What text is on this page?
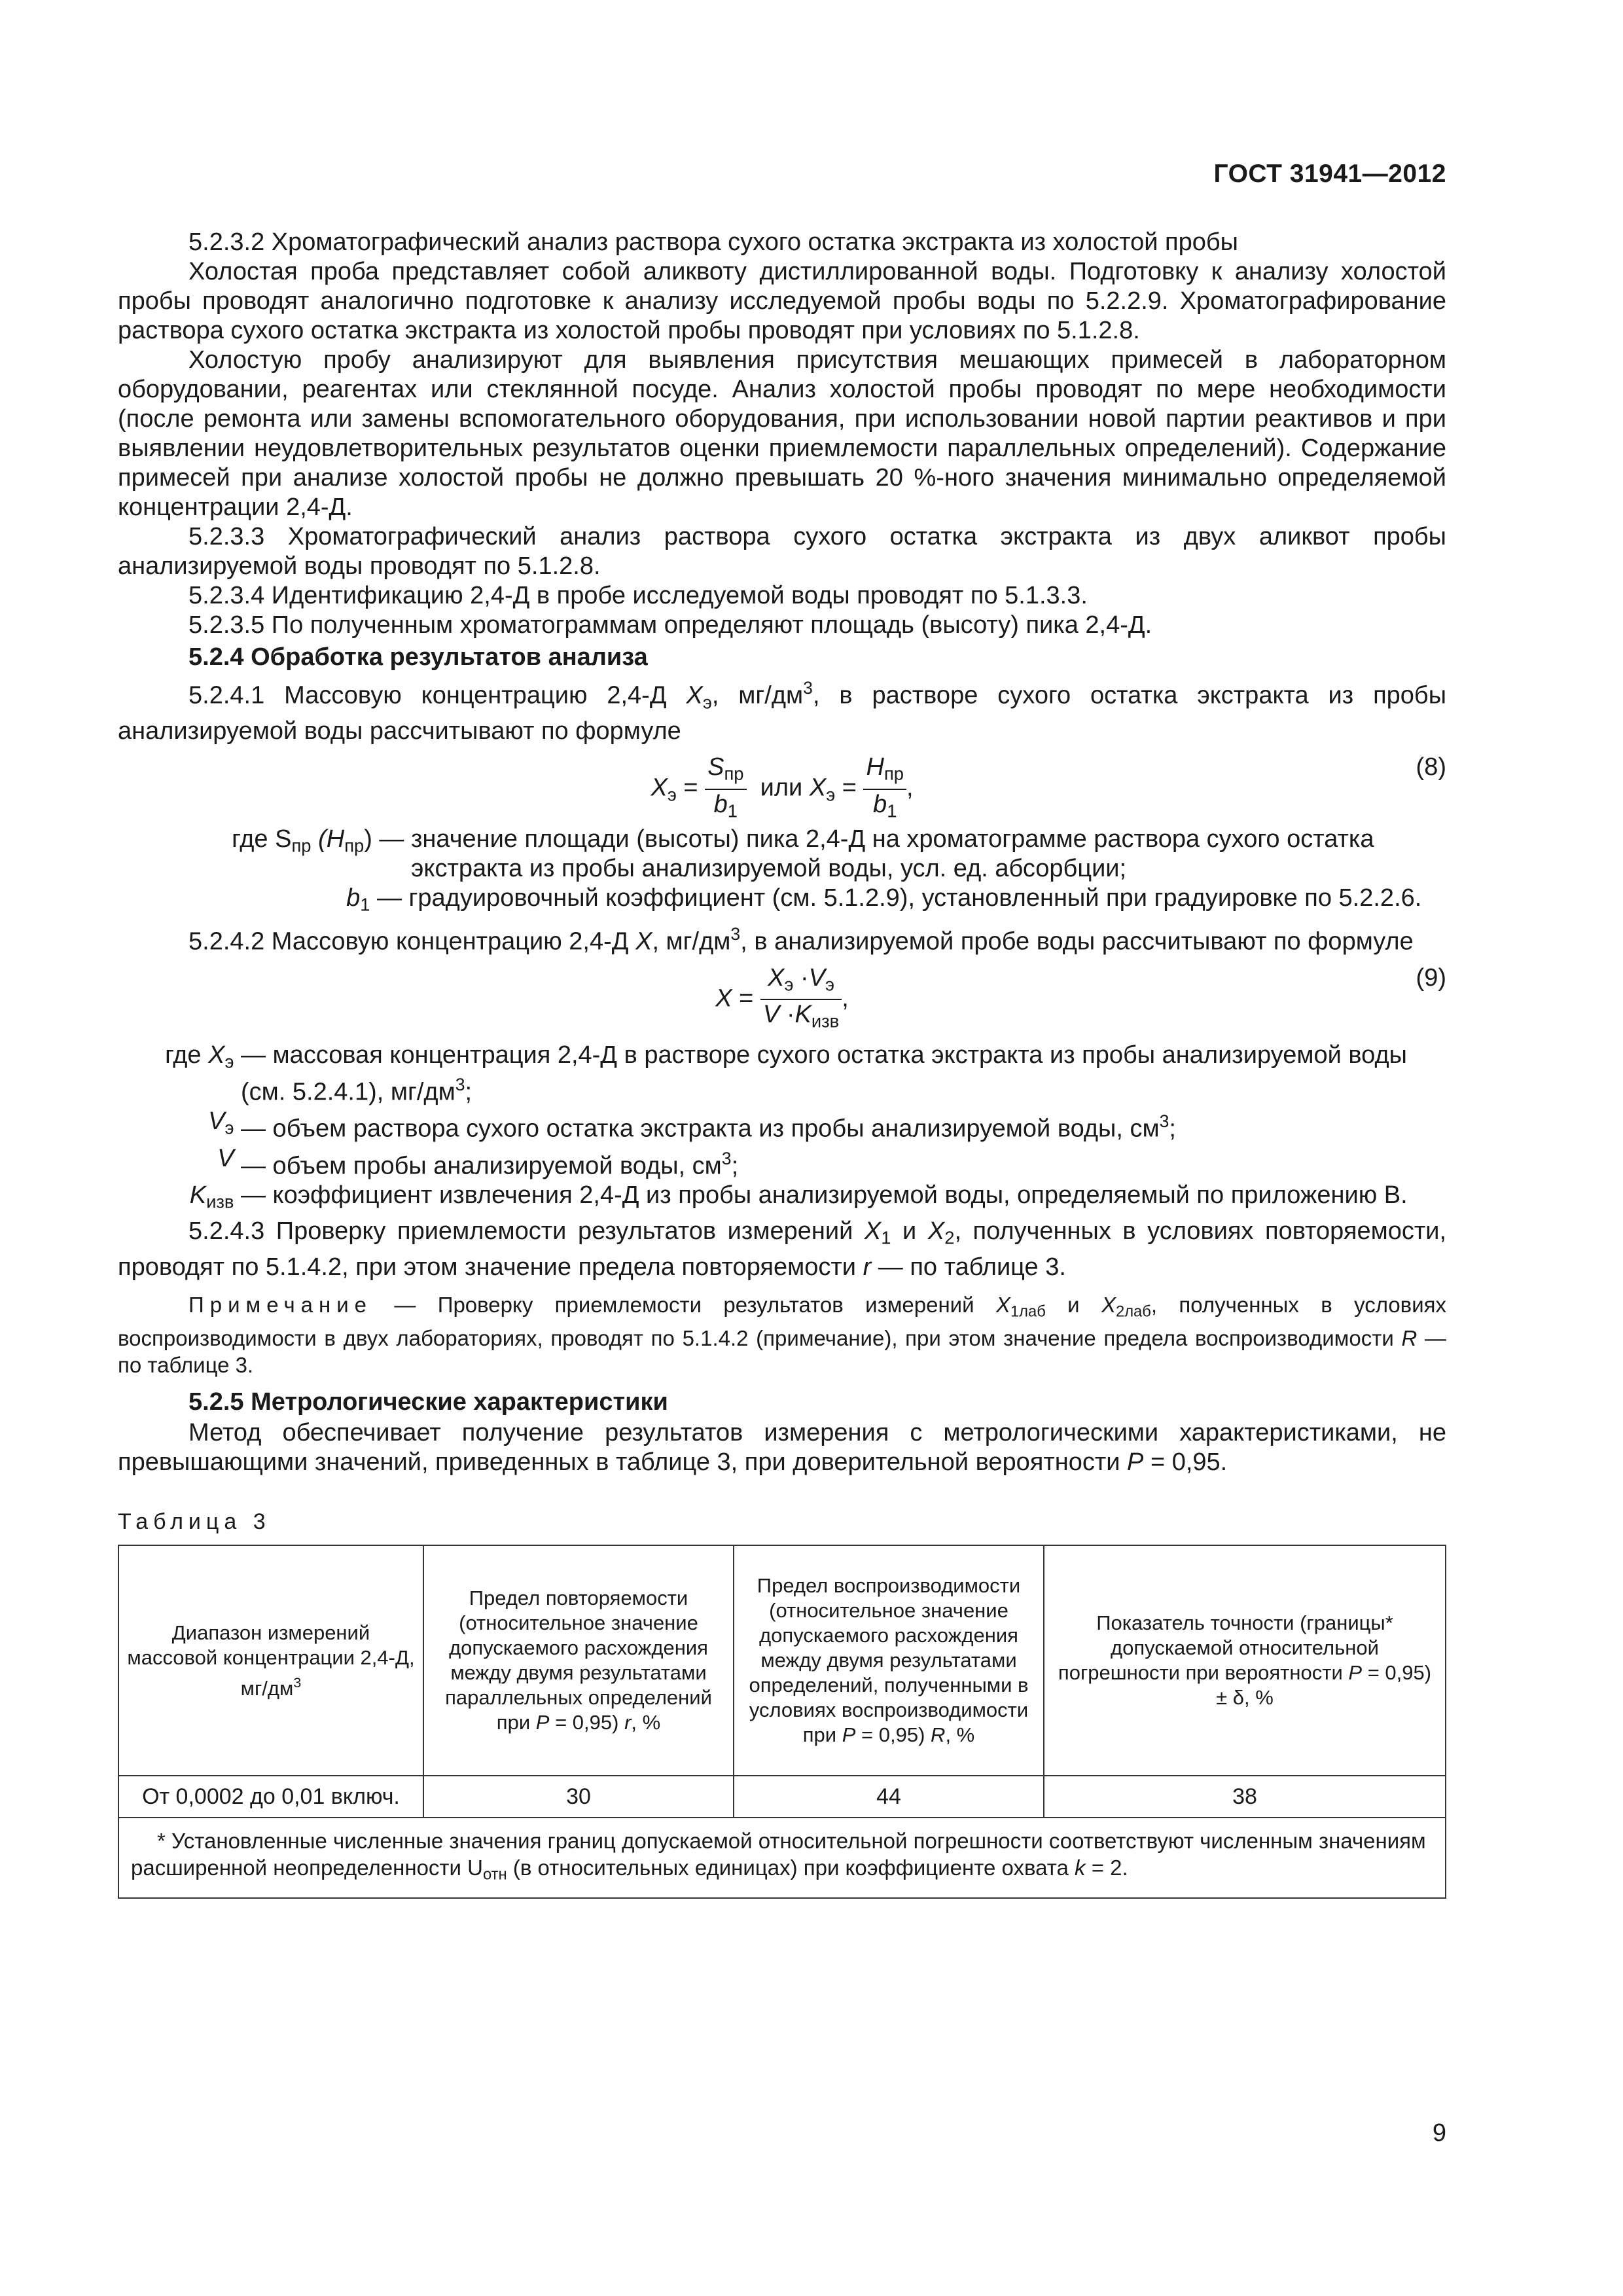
ГОСТ 31941—2012

5.2.3.2 Хроматографический анализ раствора сухого остатка экстракта из холостой пробы

Холостая проба представляет собой аликвоту дистиллированной воды. Подготовку к анализу холостой пробы проводят аналогично подготовке к анализу исследуемой пробы воды по 5.2.2.9. Хроматографирование раствора сухого остатка экстракта из холостой пробы проводят при условиях по 5.1.2.8.

Холостую пробу анализируют для выявления присутствия мешающих примесей в лабораторном оборудовании, реагентах или стеклянной посуде. Анализ холостой пробы проводят по мере необходимости (после ремонта или замены вспомогательного оборудования, при использовании новой партии реактивов и при выявлении неудовлетворительных результатов оценки приемлемости параллельных определений). Содержание примесей при анализе холостой пробы не должно превышать 20 %-ного значения минимально определяемой концентрации 2,4-Д.

5.2.3.3 Хроматографический анализ раствора сухого остатка экстракта из двух аликвот пробы анализируемой воды проводят по 5.1.2.8.

5.2.3.4 Идентификацию 2,4-Д в пробе исследуемой воды проводят по 5.1.3.3.

5.2.3.5 По полученным хроматограммам определяют площадь (высоту) пика 2,4-Д.

5.2.4 Обработка результатов анализа

5.2.4.1 Массовую концентрацию 2,4-Д $X_э$, $мг/дм^3$, в растворе сухого остатка экстракта из пробы анализируемой воды рассчитывают по формуле

$X_э = \frac{S_{пр}}{b_1}$ или $X_э = \frac{H_{пр}}{b_1}$ ,
(8)
где $S_{пр}$ $(H_{пр})$ — значение площади (высоты) пика 2,4-Д на хроматограмме раствора сухого остатка экстракта из пробы анализируемой воды, усл. ед. абсорбции;
$b_1$ — градуировочный коэффициент (см. 5.1.2.9), установленный при градуировке по 5.2.2.6.

5.2.4.2 Массовую концентрацию 2,4-Д X, $мг/дм^3$, в анализируемой пробе воды рассчитывают по формуле

$X = \frac{X_э \cdot V_э}{V \cdot K_{изв}}$ ,
(9)
где $X_э$ — массовая концентрация 2,4-Д в растворе сухого остатка экстракта из пробы анализируемой воды (см. 5.2.4.1), $мг/дм^3$;
$V_э$ — объем раствора сухого остатка экстракта из пробы анализируемой воды, $см^3$;
V — объем пробы анализируемой воды, $см^3$;
$K_{изв}$ — коэффициент извлечения 2,4-Д из пробы анализируемой воды, определяемый по приложению В.

5.2.4.3 Проверку приемлемости результатов измерений $X_1$ и $X_2$, полученных в условиях повторяемости, проводят по 5.1.4.2, при этом значение предела повторяемости r — по таблице 3.

Примечание — Проверку приемлемости результатов измерений $X_{1лаб}$ и $X_{2лаб}$, полученных в условиях воспроизводимости в двух лабораториях, проводят по 5.1.4.2 (примечание), при этом значение предела воспроизводимости R — по таблице 3.

5.2.5 Метрологические характеристики

Метод обеспечивает получение результатов измерения с метрологическими характеристиками, не превышающими значений, приведенных в таблице 3, при доверительной вероятности P = 0,95.

Таблица 3
Диапазон измерений массовой концентрации 2,4-Д, $мг/дм^3$	Предел повторяемости (относительное значение допускаемого расхождения между двумя результатами параллельных определений при P = 0,95) r, %	Предел воспроизводимости (относительное значение допускаемого расхождения между двумя результатами определений, полученными в условиях воспроизводимости при P = 0,95) R, %	Показатель точности (границы* допускаемой относительной погрешности при вероятности P = 0,95)
± δ, %
От 0,0002 до 0,01 включ.	30	44	38
* Установленные численные значения границ допускаемой относительной погрешности соответствуют численным значениям расширенной неопределенности $U_{отн}$ (в относительных единицах) при коэффициенте охвата k = 2.			
9
